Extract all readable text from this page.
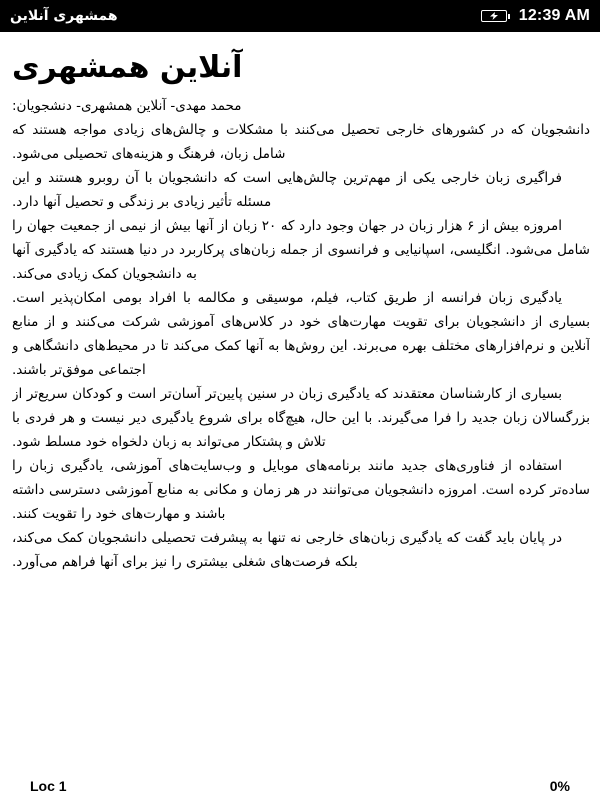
همشهری آنلاین	12:39 AM
آنلاین همشهری

محمد مهدی- آنلاین همشهری- دنشجویان:

دانشجویان که در کشورهای خارجی تحصیل می‌کنند با مشکلات و چالش‌های زیادی مواجه هستند که شامل زبان، فرهنگ و هزینه‌های تحصیلی می‌شود.

فراگیری زبان خارجی یکی از مهم‌ترین چالش‌هایی است که دانشجویان با آن روبرو هستند و این مسئله تأثیر زیادی بر زندگی و تحصیل آنها دارد.

امروزه بیش از ۶ هزار زبان در جهان وجود دارد که ۲۰ زبان از آنها بیش از نیمی از جمعیت جهان را شامل می‌شود. انگلیسی، اسپانیایی و فرانسوی از جمله زبان‌های پرکاربرد در دنیا هستند که یادگیری آنها به دانشجویان کمک زیادی می‌کند.

یادگیری زبان فرانسه از طریق کتاب، فیلم، موسیقی و مکالمه با افراد بومی امکان‌پذیر است. بسیاری از دانشجویان برای تقویت مهارت‌های خود در کلاس‌های آموزشی شرکت می‌کنند و از منابع آنلاین و نرم‌افزارهای مختلف بهره می‌برند. این روش‌ها به آنها کمک می‌کند تا در محیط‌های دانشگاهی و اجتماعی موفق‌تر باشند.

بسیاری از کارشناسان معتقدند که یادگیری زبان در سنین پایین‌تر آسان‌تر است و کودکان سریع‌تر از بزرگسالان زبان جدید را فرا می‌گیرند. با این حال، هیچ‌گاه برای شروع یادگیری دیر نیست و هر فردی با تلاش و پشتکار می‌تواند به زبان دلخواه خود مسلط شود.

استفاده از فناوری‌های جدید مانند برنامه‌های موبایل و وب‌سایت‌های آموزشی، یادگیری زبان را ساده‌تر کرده است. امروزه دانشجویان می‌توانند در هر زمان و مکانی به منابع آموزشی دسترسی داشته باشند و مهارت‌های خود را تقویت کنند.

در پایان باید گفت که یادگیری زبان‌های خارجی نه تنها به پیشرفت تحصیلی دانشجویان کمک می‌کند، بلکه فرصت‌های شغلی بیشتری را نیز برای آنها فراهم می‌آورد.

Loc 1	0%
